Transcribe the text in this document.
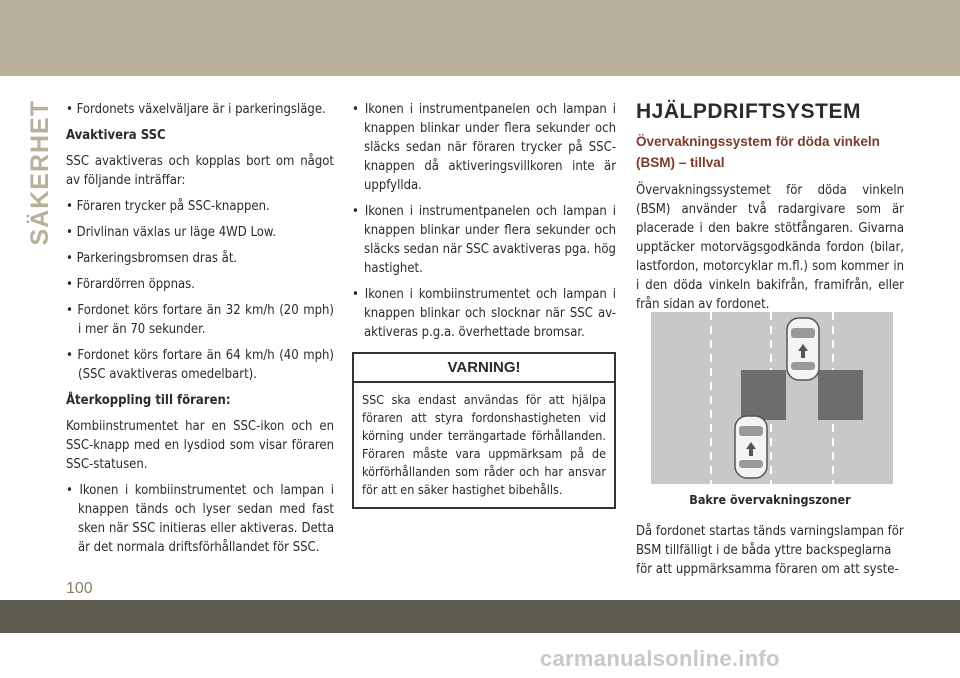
SÄKERHET • Fordonets växelväljare är i parkeringsläge.

Avaktivera SSC

SSC avaktiveras och kopplas bort om något av följande inträffar:

• Föraren trycker på SSC-knappen.

• Drivlinan växlas ur läge 4WD Low.

• Parkeringsbromsen dras åt.

• Förardörren öppnas.

• Fordonet körs fortare än 32 km/h (20 mph) i mer än 70 sekunder.

• Fordonet körs fortare än 64 km/h (40 mph) (SSC avaktiveras omedelbart).

Återkoppling till föraren:

Kombiinstrumentet har en SSC-ikon och en SSC-knapp med en lysdiod som visar föraren SSC-statusen.

• Ikonen i kombiinstrumentet och lampan i knappen tänds och lyser sedan med fast sken när SSC initieras eller aktiveras. Detta är det normala driftsförhållandet för SSC.

• Ikonen i instrumentpanelen och lampan i knappen blinkar under flera sekunder och släcks sedan när föraren trycker på SSC-knappen då aktiveringsvillkoren inte är uppfyllda.

• Ikonen i instrumentpanelen och lampan i knappen blinkar under flera sekunder och släcks sedan när SSC avaktiveras pga. hög hastighet.

• Ikonen i kombiinstrumentet och lampan i knappen blinkar och slocknar när SSC av-aktiveras p.g.a. överhettade bromsar.

VARNING!
SSC ska endast användas för att hjälpa föraren att styra fordonshastigheten vid körning under terrängartade förhållanden. Föraren måste vara uppmärksam på de körförhållanden som råder och har ansvar för att en säker hastighet bibehålls.
HJÄLPDRIFTSYSTEM
Övervakningssystem för döda vinkeln (BSM) – tillval

Övervakningssystemet för döda vinkeln (BSM) använder två radargivare som är placerade i den bakre stötfångaren. Givarna upptäcker motorvägsgodkända fordon (bilar, lastfordon, motorcyklar m.fl.) som kommer in i den döda vinkeln bakifrån, framifrån, eller från sidan av fordonet.

Bakre övervakningszoner
Då fordonet startas tänds varningslampan för BSM tillfälligt i de båda yttre backspeglarna för att uppmärksamma föraren om att syste-
100
carmanualsonline.info
